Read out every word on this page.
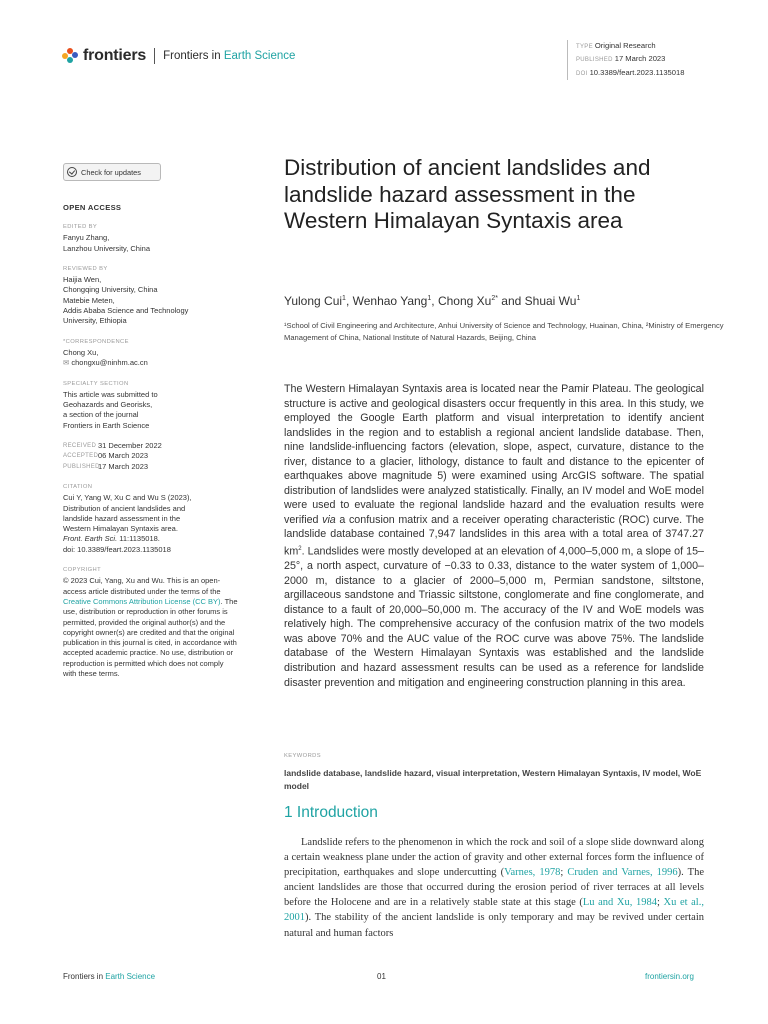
frontiers Frontiers in Earth Science
TYPE Original Research
PUBLISHED 17 March 2023
DOI 10.3389/feart.2023.1135018
Check for updates
OPEN ACCESS
EDITED BY
Fanyu Zhang,
Lanzhou University, China
REVIEWED BY
Haijia Wen,
Chongqing University, China
Matebie Meten,
Addis Ababa Science and Technology
University, Ethiopia
*CORRESPONDENCE
Chong Xu,
✉ chongxu@ninhm.ac.cn
SPECIALTY SECTION
This article was submitted to
Geohazards and Georisks,
a section of the journal
Frontiers in Earth Science
RECEIVED 31 December 2022
ACCEPTED 06 March 2023
PUBLISHED
17 March 2023
CITATION
Cui Y, Yang W, Xu C and Wu S (2023),
Distribution of ancient landslides and
landslide hazard assessment in the
Western Himalayan Syntaxis area.
Front. Earth Sci. 11:1135018.
doi: 10.3389/feart.2023.1135018
COPYRIGHT
© 2023 Cui, Yang, Xu and Wu. This is an open-access article distributed under the terms of the Creative Commons Attribution License (CC BY). The use, distribution or reproduction in other forums is permitted, provided the original author(s) and the copyright owner(s) are credited and that the original publication in this journal is cited, in accordance with accepted academic practice. No use, distribution or reproduction is permitted which does not comply with these terms.
Distribution of ancient landslides and landslide hazard assessment in the Western Himalayan Syntaxis area
Yulong Cui$^1$, Wenhao Yang$^1$, Chong $Xu^{2*}$ and Shuai Wu$^1$
¹School of Civil Engineering and Architecture, Anhui University of Science and Technology, Huainan, China, ²Ministry of Emergency Management of China, National Institute of Natural Hazards, Beijing, China
The Western Himalayan Syntaxis area is located near the Pamir Plateau. The geological structure is active and geological disasters occur frequently in this area. In this study, we employed the Google Earth platform and visual interpretation to identify ancient landslides in the region and to establish a regional ancient landslide database. Then, nine landslide-influencing factors (elevation, slope, aspect, curvature, distance to the river, distance to a glacier, lithology, distance to fault and distance to the epicenter of earthquakes above magnitude 5) were examined using ArcGIS software. The spatial distribution of landslides were analyzed statistically. Finally, an IV model and WoE model were used to evaluate the regional landslide hazard and the evaluation results were verified via a confusion matrix and a receiver operating characteristic (ROC) curve. The landslide database contained 7,947 landslides in this area with a total area of 3747.27 $km^2$. Landslides were mostly developed at an elevation of 4,000–5,000 m, a slope of 15–25°, a north aspect, curvature of −0.33 to 0.33, distance to the water system of 1,000–2000 m, distance to a glacier of 2000–5,000 m, Permian sandstone, siltstone, argillaceous sandstone and Triassic siltstone, conglomerate and fine conglomerate, and distance to a fault of 20,000–50,000 m. The accuracy of the IV and WoE models was relatively high. The comprehensive accuracy of the confusion matrix of the two models was above 70% and the AUC value of the ROC curve was above 75%. The landslide database of the Western Himalayan Syntaxis was established and the landslide distribution and hazard assessment results can be used as a reference for landslide disaster prevention and mitigation and engineering construction planning in this area.
KEYWORDS
landslide database, landslide hazard, visual interpretation, Western Himalayan Syntaxis, IV model, WoE model
1 Introduction

Landslide refers to the phenomenon in which the rock and soil of a slope slide downward along a certain weakness plane under the action of gravity and other external forces form the influence of precipitation, earthquakes and slope undercutting (Varnes, 1978; Cruden and Varnes, 1996). The ancient landslides are those that occurred during the erosion period of river terraces at all levels before the Holocene and are in a relatively stable state at this stage (Lu and Xu, 1984; Xu et al., 2001). The stability of the ancient landslide is only temporary and may be revived under certain natural and human factors

Frontiers in Earth Science	01	frontiersin.org
